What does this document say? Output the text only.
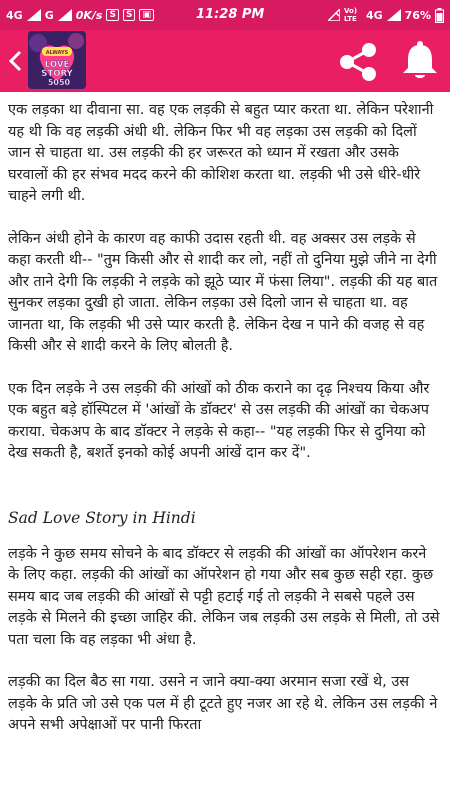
4G G 0K/s S	S	▣	11:28 PM	Vo) LTE 4G 76%
ALWAYS
LOVE
STORY
5050

एक लड़का था दीवाना सा. वह एक लड़की से बहुत प्यार करता था. लेकिन परेशानी यह थी कि वह लड़की अंधी थी. लेकिन फिर भी वह लड़का उस लड़की को दिलों जान से चाहता था. उस लड़की की हर जरूरत को ध्यान में रखता और उसके घरवालों की हर संभव मदद करने की कोशिश करता था. लड़की भी उसे धीरे-धीरे चाहने लगी थी.

लेकिन अंधी होने के कारण वह काफी उदास रहती थी. वह अक्सर उस लड़के से कहा करती थी-- "तुम किसी और से शादी कर लो, नहीं तो दुनिया मुझे जीने ना देगी और ताने देगी कि लड़की ने लड़के को झूठे प्यार में फंसा लिया". लड़की की यह बात सुनकर लड़का दुखी हो जाता. लेकिन लड़का उसे दिलो जान से चाहता था. वह जानता था, कि लड़की भी उसे प्यार करती है. लेकिन देख न पाने की वजह से वह किसी और से शादी करने के लिए बोलती है.

एक दिन लड़के ने उस लड़की की आंखों को ठीक कराने का दृढ़ निश्चय किया और एक बहुत बड़े हॉस्पिटल में 'आंखों के डॉक्टर' से उस लड़की की आंखों का चेकअप कराया. चेकअप के बाद डॉक्टर ने लड़के से कहा-- "यह लड़की फिर से दुनिया को देख सकती है, बशर्ते इनको कोई अपनी आंखें दान कर दें".

Sad Love Story in Hindi

लड़के ने कुछ समय सोचने के बाद डॉक्टर से लड़की की आंखों का ऑपरेशन करने के लिए कहा. लड़की की आंखों का ऑपरेशन हो गया और सब कुछ सही रहा. कुछ समय बाद जब लड़की की आंखों से पट्टी हटाई गई तो लड़की ने सबसे पहले उस लड़के से मिलने की इच्छा जाहिर की. लेकिन जब लड़की उस लड़के से मिली, तो उसे पता चला कि वह लड़का भी अंधा है.

लड़की का दिल बैठ सा गया. उसने न जाने क्या-क्या अरमान सजा रखें थे, उस लड़के के प्रति जो उसे एक पल में ही टूटते हुए नजर आ रहे थे. लेकिन उस लड़की ने अपने सभी अपेक्षाओं पर पानी फिरता
